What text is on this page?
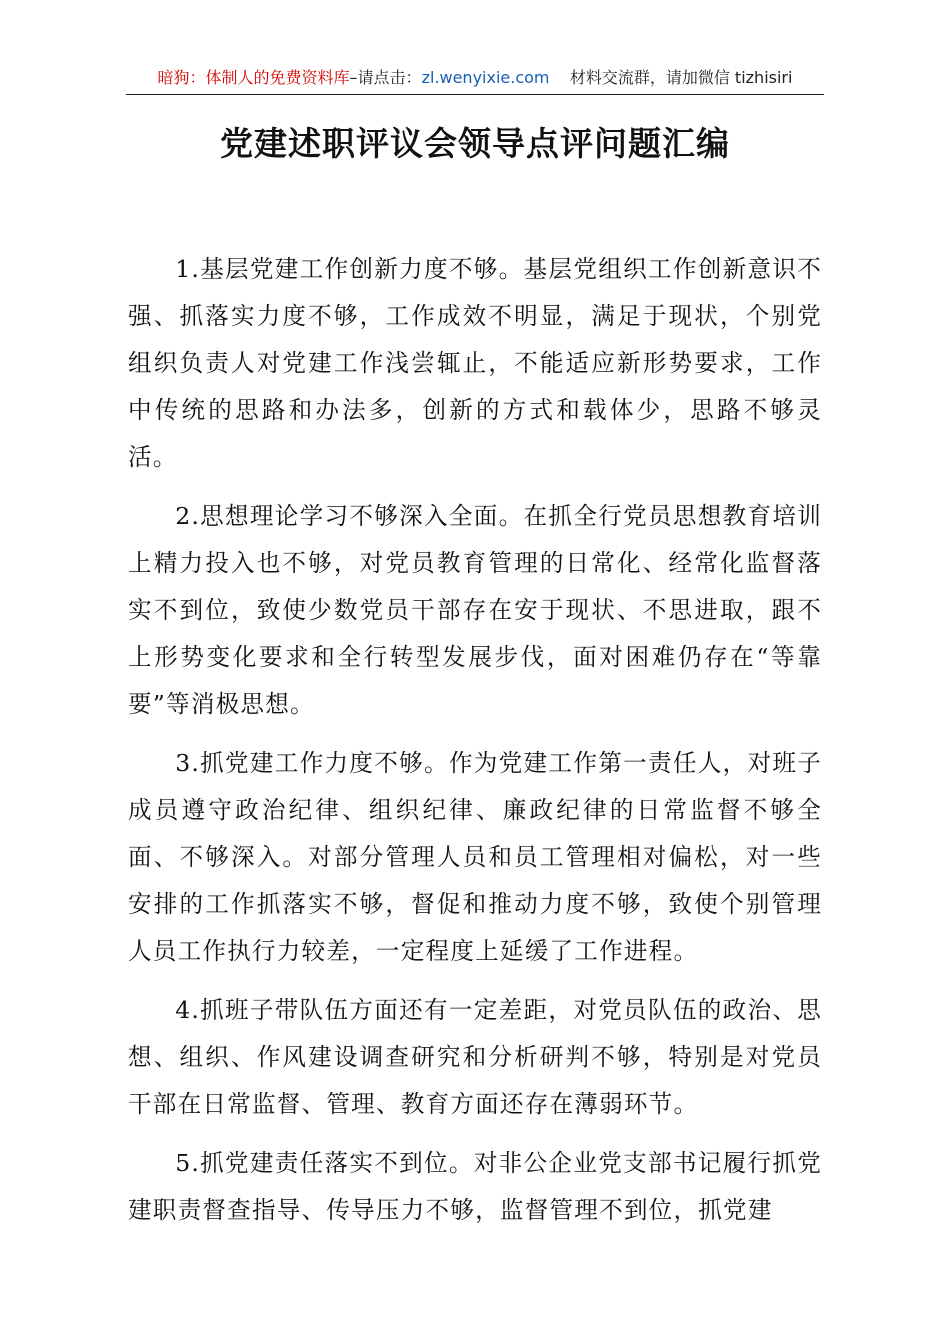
暗狗：体制人的免费资料库–请点击：zl.wenyixie.com 材料交流群，请加微信 tizhisiri
党建述职评议会领导点评问题汇编

1.基层党建工作创新力度不够。基层党组织工作创新意识不强、抓落实力度不够，工作成效不明显，满足于现状，个别党组织负责人对党建工作浅尝辄止，不能适应新形势要求，工作中传统的思路和办法多，创新的方式和载体少，思路不够灵活。

2.思想理论学习不够深入全面。在抓全行党员思想教育培训上精力投入也不够，对党员教育管理的日常化、经常化监督落实不到位，致使少数党员干部存在安于现状、不思进取，跟不上形势变化要求和全行转型发展步伐，面对困难仍存在“等靠要”等消极思想。

3.抓党建工作力度不够。作为党建工作第一责任人，对班子成员遵守政治纪律、组织纪律、廉政纪律的日常监督不够全面、不够深入。对部分管理人员和员工管理相对偏松，对一些安排的工作抓落实不够，督促和推动力度不够，致使个别管理人员工作执行力较差，一定程度上延缓了工作进程。

4.抓班子带队伍方面还有一定差距，对党员队伍的政治、思想、组织、作风建设调查研究和分析研判不够，特别是对党员干部在日常监督、管理、教育方面还存在薄弱环节。

5.抓党建责任落实不到位。对非公企业党支部书记履行抓党建职责督查指导、传导压力不够，监督管理不到位，抓党建
